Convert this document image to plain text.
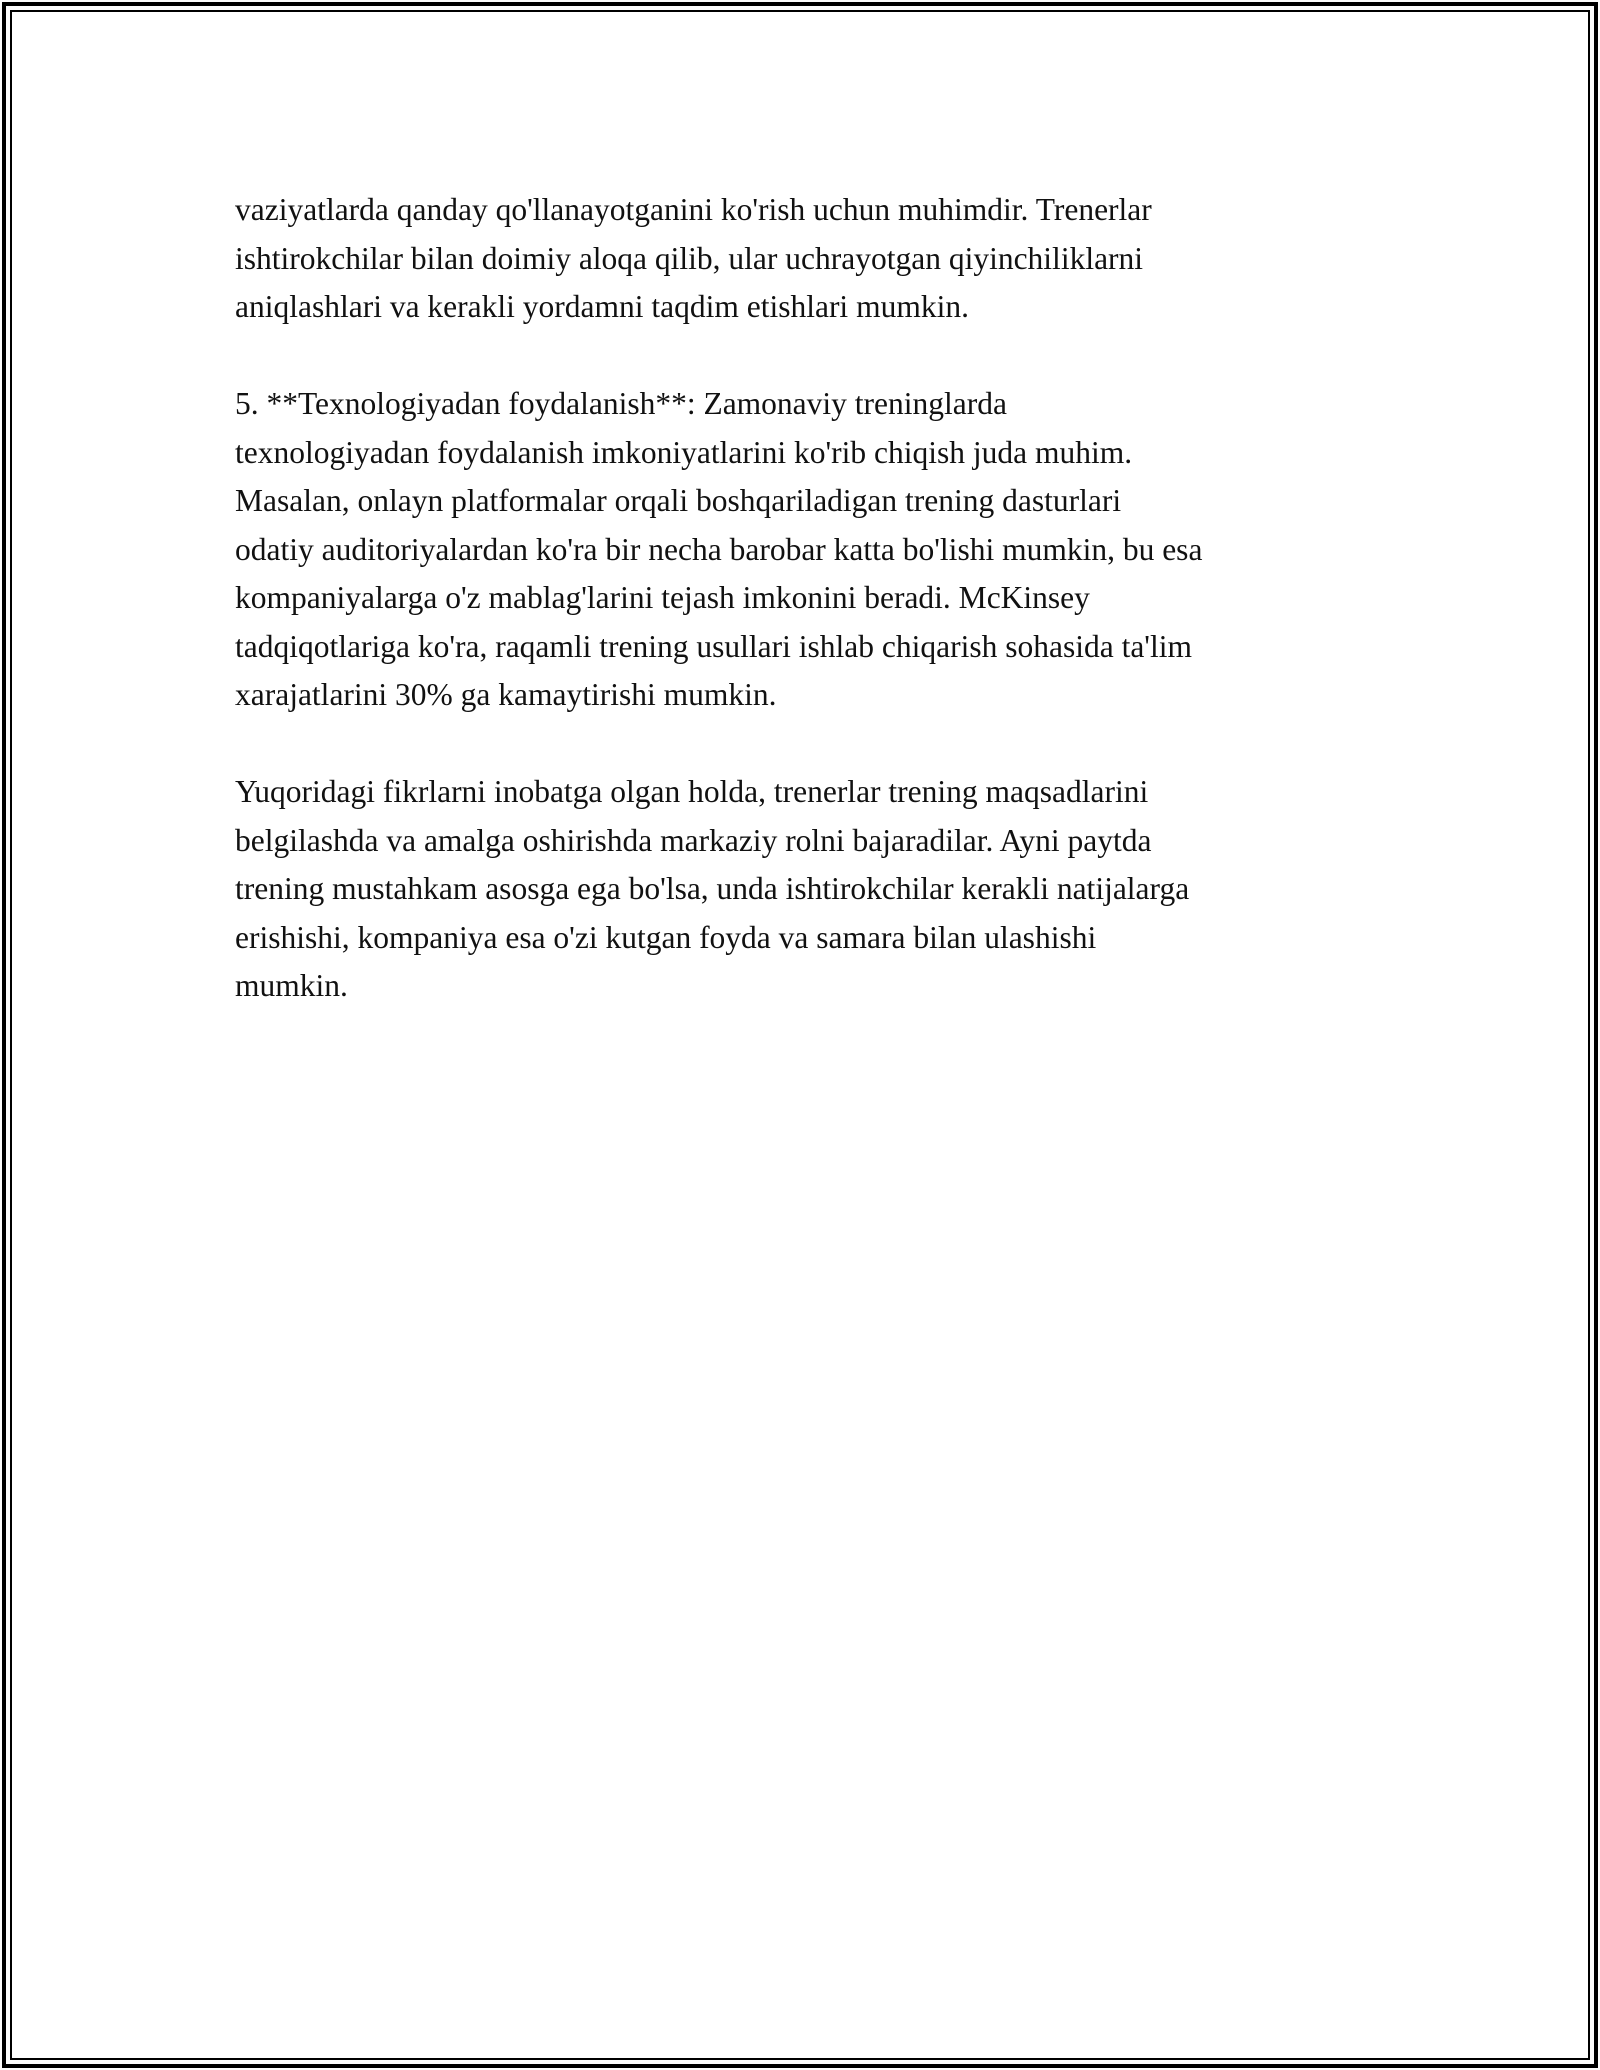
vaziyatlarda qanday qo'llanayotganini ko'rish uchun muhimdir. Trenerlar
ishtirokchilar bilan doimiy aloqa qilib, ular uchrayotgan qiyinchiliklarni
aniqlashlari va kerakli yordamni taqdim etishlari mumkin.

5. **Texnologiyadan foydalanish**: Zamonaviy treninglarda
texnologiyadan foydalanish imkoniyatlarini ko'rib chiqish juda muhim.
Masalan, onlayn platformalar orqali boshqariladigan trening dasturlari
odatiy auditoriyalardan ko'ra bir necha barobar katta bo'lishi mumkin, bu esa
kompaniyalarga o'z mablag'larini tejash imkonini beradi. McKinsey
tadqiqotlariga ko'ra, raqamli trening usullari ishlab chiqarish sohasida ta'lim
xarajatlarini 30% ga kamaytirishi mumkin.

Yuqoridagi fikrlarni inobatga olgan holda, trenerlar trening maqsadlarini
belgilashda va amalga oshirishda markaziy rolni bajaradilar. Ayni paytda
trening mustahkam asosga ega bo'lsa, unda ishtirokchilar kerakli natijalarga
erishishi, kompaniya esa o'zi kutgan foyda va samara bilan ulashishi
mumkin.
